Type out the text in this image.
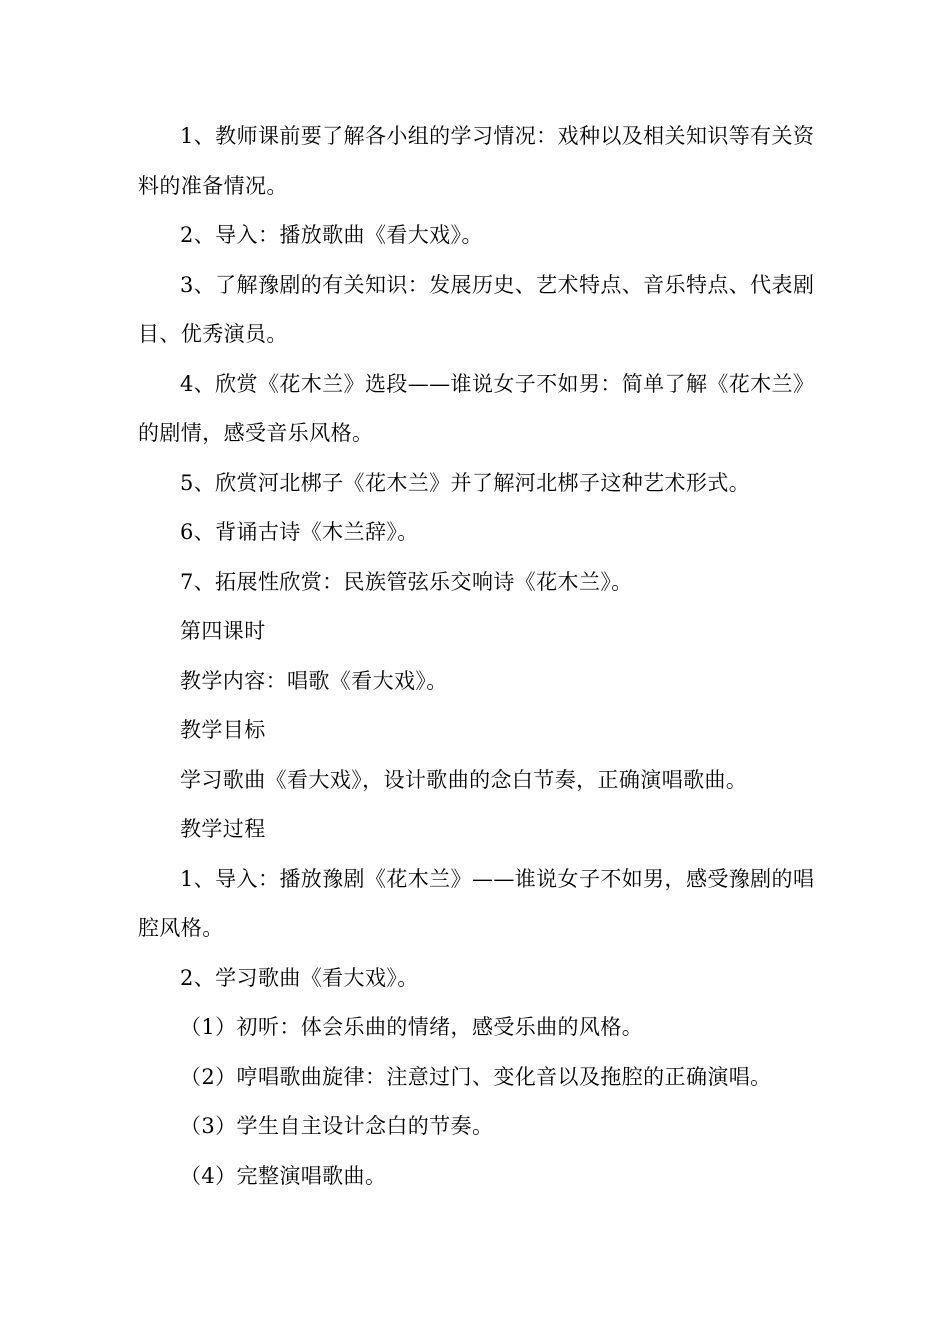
1、教师课前要了解各小组的学习情况：戏种以及相关知识等有关资料的准备情况。

2、导入：播放歌曲《看大戏》。

3、了解豫剧的有关知识：发展历史、艺术特点、音乐特点、代表剧目、优秀演员。

4、欣赏《花木兰》选段——谁说女子不如男：简单了解《花木兰》的剧情，感受音乐风格。

5、欣赏河北梆子《花木兰》并了解河北梆子这种艺术形式。

6、背诵古诗《木兰辞》。

7、拓展性欣赏：民族管弦乐交响诗《花木兰》。

第四课时

教学内容：唱歌《看大戏》。

教学目标

学习歌曲《看大戏》，设计歌曲的念白节奏，正确演唱歌曲。

教学过程

1、导入：播放豫剧《花木兰》——谁说女子不如男，感受豫剧的唱腔风格。

2、学习歌曲《看大戏》。

（1）初听：体会乐曲的情绪，感受乐曲的风格。

（2）哼唱歌曲旋律：注意过门、变化音以及拖腔的正确演唱。

（3）学生自主设计念白的节奏。

（4）完整演唱歌曲。
